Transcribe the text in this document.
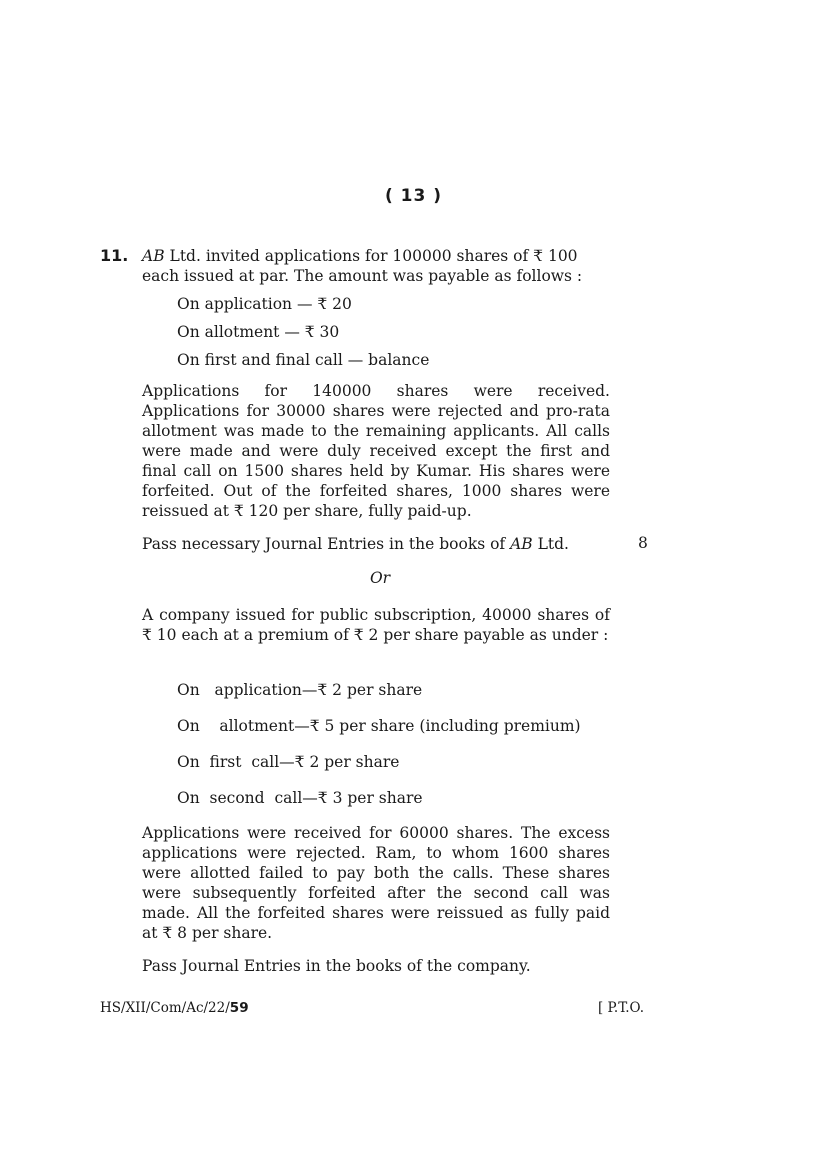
( 13 )
11. AB Ltd. invited applications for 100000 shares of ₹ 100
each issued at par. The amount was payable as follows :
On application — ₹ 20
On allotment — ₹ 30
On first and final call — balance
Applications for 140000 shares were received. Applications for 30000 shares were rejected and pro-rata allotment was made to the remaining applicants. All calls were made and were duly received except the first and final call on 1500 shares held by Kumar. His shares were forfeited. Out of the forfeited shares, 1000 shares were reissued at ₹ 120 per share, fully paid-up.
Pass necessary Journal Entries in the books of AB Ltd.	8
Or
A company issued for public subscription, 40000 shares of ₹ 10 each at a premium of ₹ 2 per share payable as under :
On   application—₹ 2 per share
On    allotment—₹ 5 per share (including premium)
On  first  call—₹ 2 per share
On  second  call—₹ 3 per share
Applications were received for 60000 shares. The excess applications were rejected. Ram, to whom 1600 shares were allotted failed to pay both the calls. These shares were subsequently forfeited after the second call was made. All the forfeited shares were reissued as fully paid at ₹ 8 per share.
Pass Journal Entries in the books of the company.
HS/XII/Com/Ac/22/59	[ P.T.O.
